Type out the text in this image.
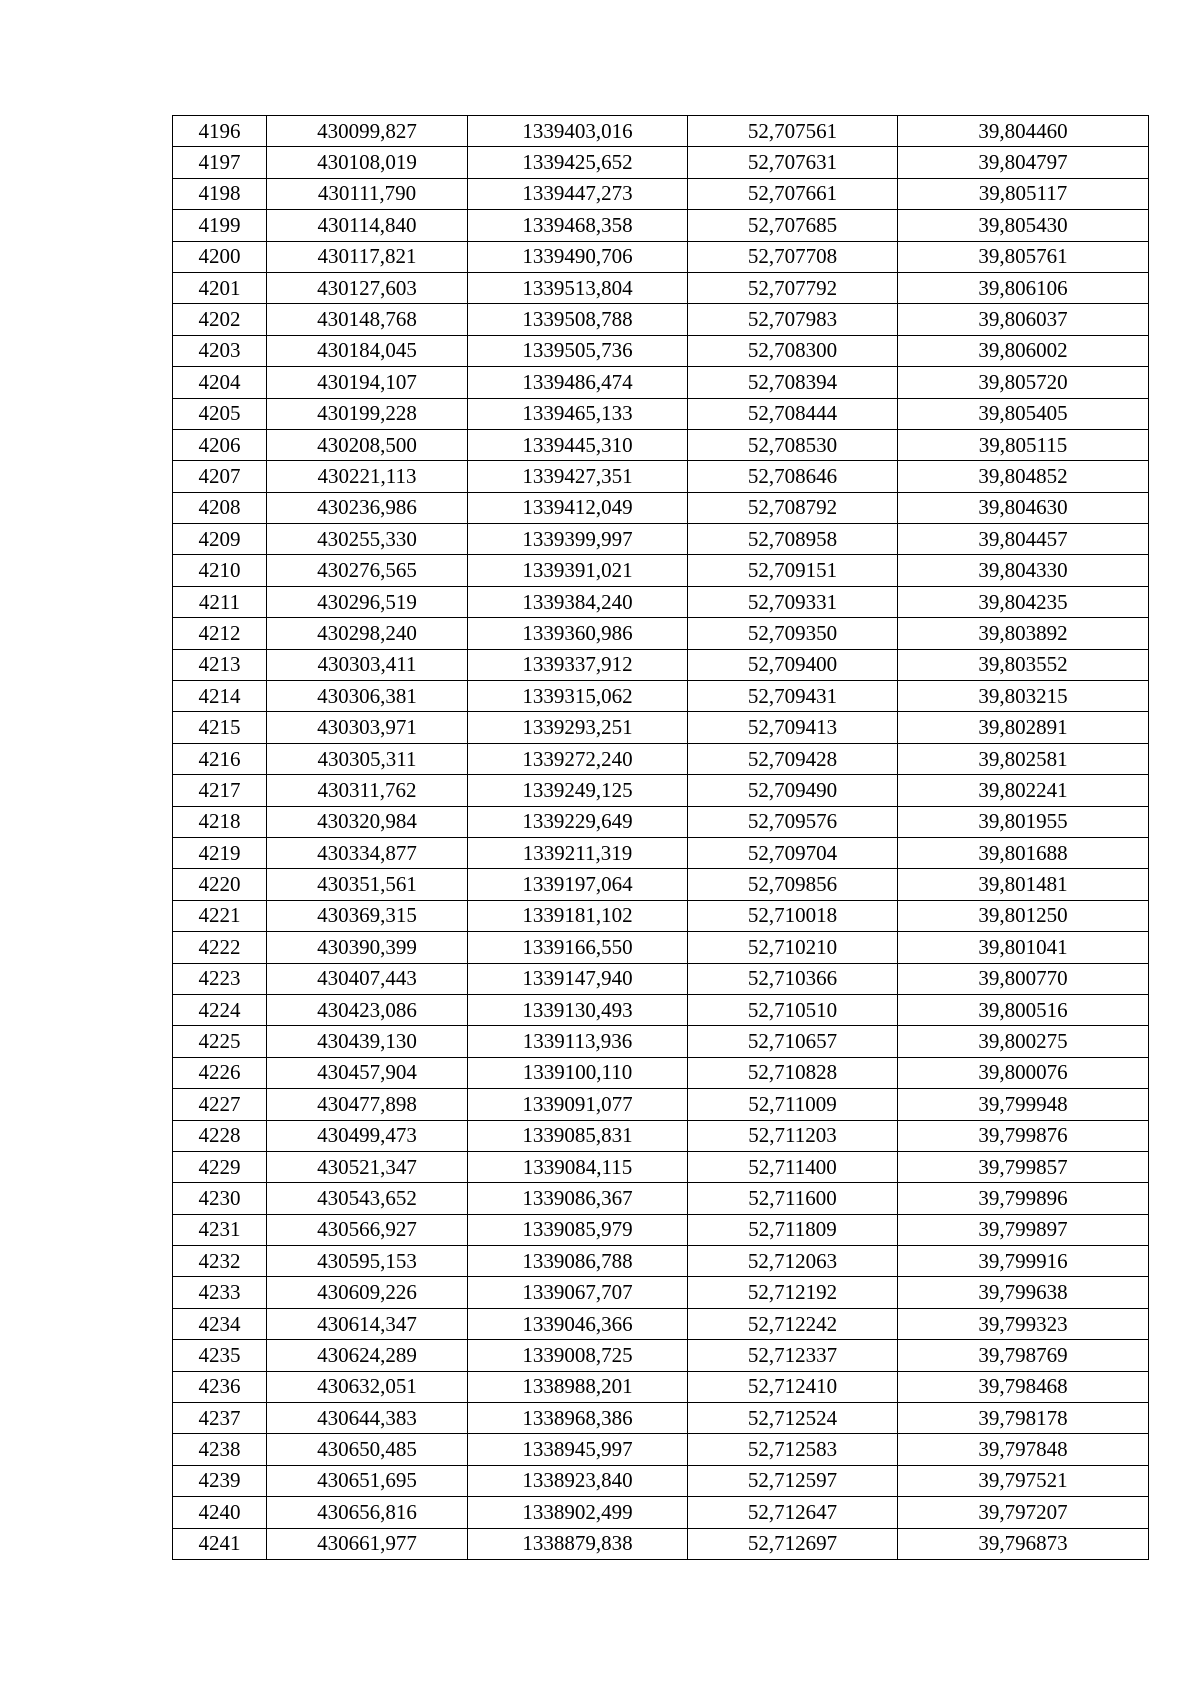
4196	430099,827	1339403,016	52,707561	39,804460
4197	430108,019	1339425,652	52,707631	39,804797
4198	430111,790	1339447,273	52,707661	39,805117
4199	430114,840	1339468,358	52,707685	39,805430
4200	430117,821	1339490,706	52,707708	39,805761
4201	430127,603	1339513,804	52,707792	39,806106
4202	430148,768	1339508,788	52,707983	39,806037
4203	430184,045	1339505,736	52,708300	39,806002
4204	430194,107	1339486,474	52,708394	39,805720
4205	430199,228	1339465,133	52,708444	39,805405
4206	430208,500	1339445,310	52,708530	39,805115
4207	430221,113	1339427,351	52,708646	39,804852
4208	430236,986	1339412,049	52,708792	39,804630
4209	430255,330	1339399,997	52,708958	39,804457
4210	430276,565	1339391,021	52,709151	39,804330
4211	430296,519	1339384,240	52,709331	39,804235
4212	430298,240	1339360,986	52,709350	39,803892
4213	430303,411	1339337,912	52,709400	39,803552
4214	430306,381	1339315,062	52,709431	39,803215
4215	430303,971	1339293,251	52,709413	39,802891
4216	430305,311	1339272,240	52,709428	39,802581
4217	430311,762	1339249,125	52,709490	39,802241
4218	430320,984	1339229,649	52,709576	39,801955
4219	430334,877	1339211,319	52,709704	39,801688
4220	430351,561	1339197,064	52,709856	39,801481
4221	430369,315	1339181,102	52,710018	39,801250
4222	430390,399	1339166,550	52,710210	39,801041
4223	430407,443	1339147,940	52,710366	39,800770
4224	430423,086	1339130,493	52,710510	39,800516
4225	430439,130	1339113,936	52,710657	39,800275
4226	430457,904	1339100,110	52,710828	39,800076
4227	430477,898	1339091,077	52,711009	39,799948
4228	430499,473	1339085,831	52,711203	39,799876
4229	430521,347	1339084,115	52,711400	39,799857
4230	430543,652	1339086,367	52,711600	39,799896
4231	430566,927	1339085,979	52,711809	39,799897
4232	430595,153	1339086,788	52,712063	39,799916
4233	430609,226	1339067,707	52,712192	39,799638
4234	430614,347	1339046,366	52,712242	39,799323
4235	430624,289	1339008,725	52,712337	39,798769
4236	430632,051	1338988,201	52,712410	39,798468
4237	430644,383	1338968,386	52,712524	39,798178
4238	430650,485	1338945,997	52,712583	39,797848
4239	430651,695	1338923,840	52,712597	39,797521
4240	430656,816	1338902,499	52,712647	39,797207
4241	430661,977	1338879,838	52,712697	39,796873
